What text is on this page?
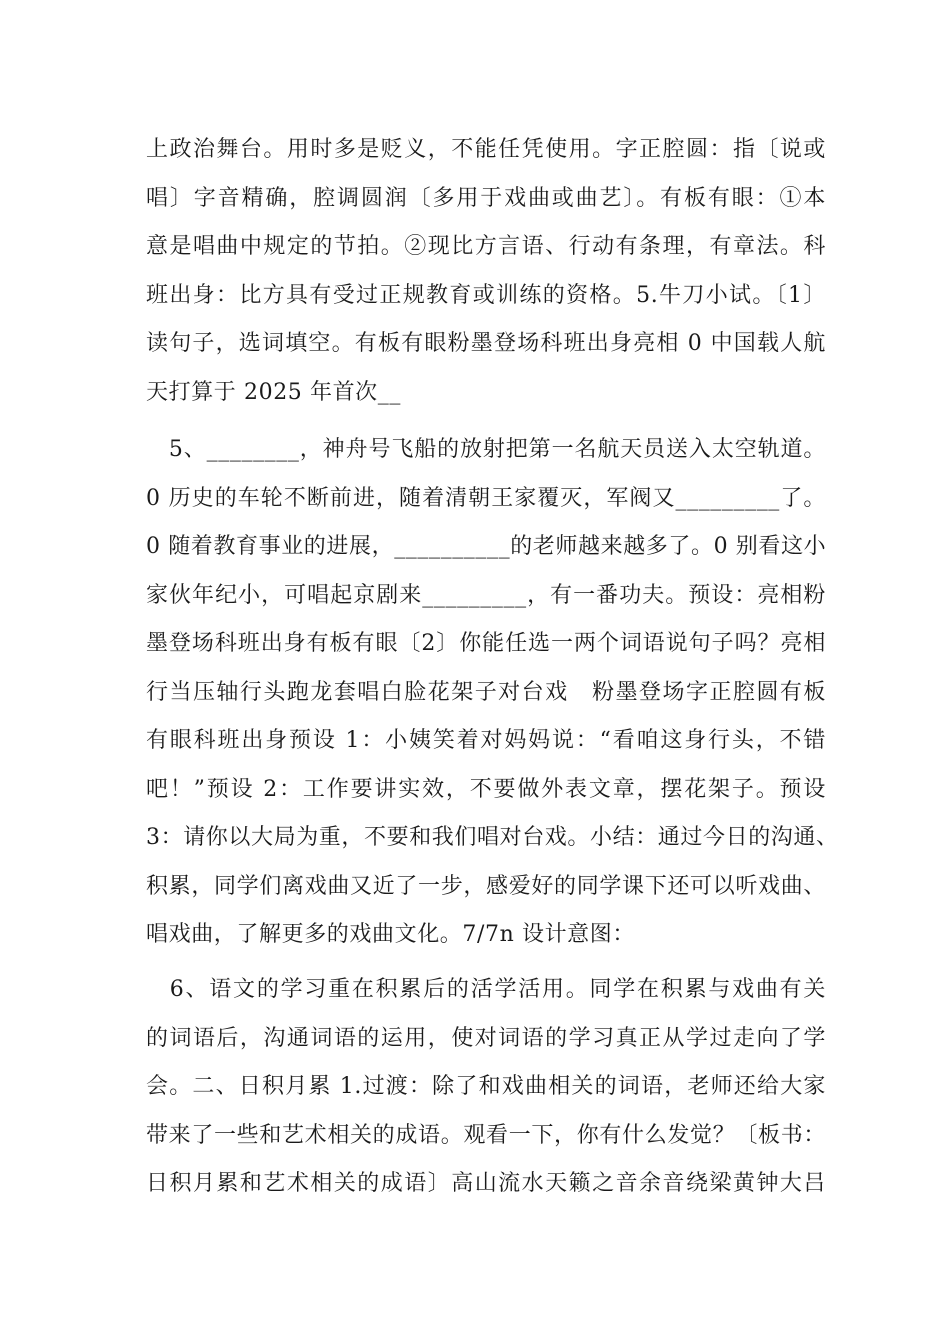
上政治舞台。用时多是贬义，不能任凭使用。字正腔圆：指〔说或
唱〕字音精确，腔调圆润〔多用于戏曲或曲艺〕。有板有眼：①本
意是唱曲中规定的节拍。②现比方言语、行动有条理，有章法。科
班出身：比方具有受过正规教育或训练的资格。5.牛刀小试。〔1〕
读句子，选词填空。有板有眼粉墨登场科班出身亮相 0 中国载人航
天打算于 2025 年首次__
　5、________，神舟号飞船的放射把第一名航天员送入太空轨道。
0 历史的车轮不断前进，随着清朝王家覆灭，军阀又_________了。
0 随着教育事业的进展，__________的老师越来越多了。0 别看这小
家伙年纪小，可唱起京剧来_________，有一番功夫。预设：亮相粉
墨登场科班出身有板有眼〔2〕你能任选一两个词语说句子吗？亮相
行当压轴行头跑龙套唱白脸花架子对台戏　粉墨登场字正腔圆有板
有眼科班出身预设 1：小姨笑着对妈妈说：“看咱这身行头，不错
吧！”预设 2：工作要讲实效，不要做外表文章，摆花架子。预设
3：请你以大局为重，不要和我们唱对台戏。小结：通过今日的沟通、
积累，同学们离戏曲又近了一步，感爱好的同学课下还可以听戏曲、
唱戏曲，了解更多的戏曲文化。7/7n 设计意图：
　6、语文的学习重在积累后的活学活用。同学在积累与戏曲有关
的词语后，沟通词语的运用，使对词语的学习真正从学过走向了学
会。二、日积月累 1.过渡：除了和戏曲相关的词语，老师还给大家
带来了一些和艺术相关的成语。观看一下，你有什么发觉？〔板书：
日积月累和艺术相关的成语〕高山流水天籁之音余音绕梁黄钟大吕
